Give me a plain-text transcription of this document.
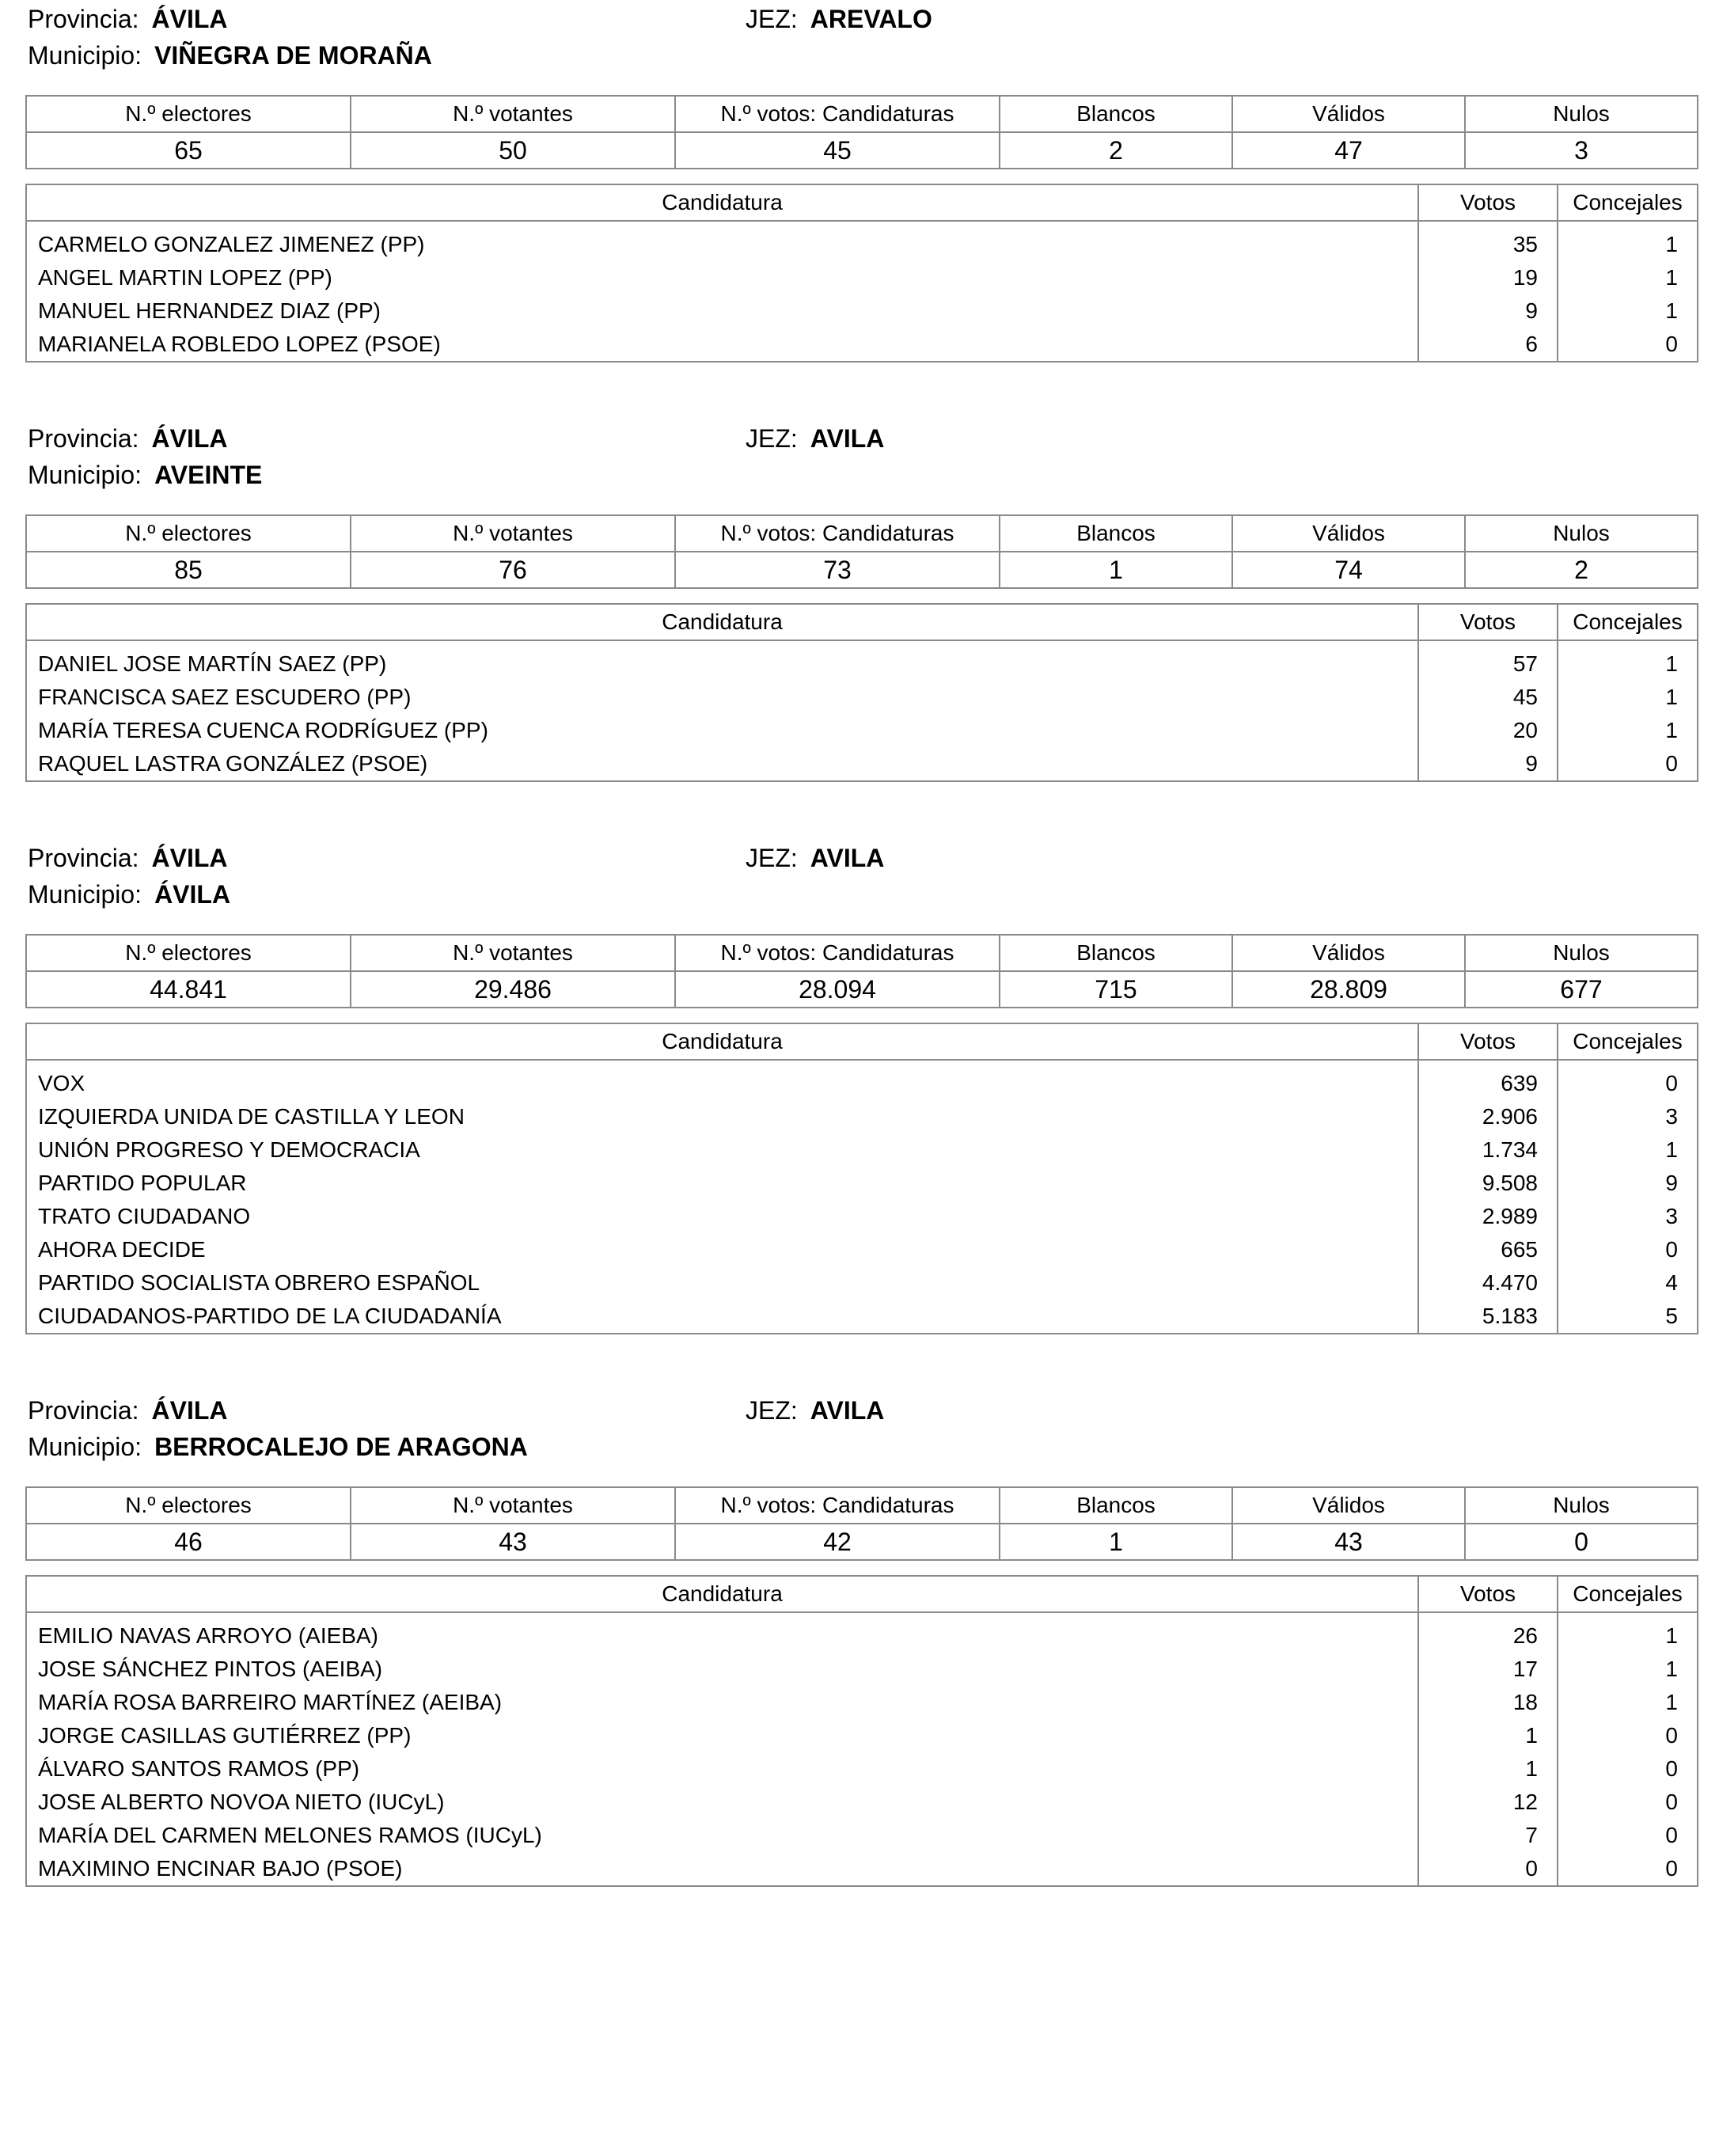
Provincia: ÁVILA	JEZ: AREVALO
Municipio: VIÑEGRA DE MORAÑA
N.º electores	N.º votantes	N.º votos: Candidaturas	Blancos	Válidos	Nulos
65	50	45	2	47	3
Candidatura	Votos	Concejales
CARMELO GONZALEZ JIMENEZ (PP)	35	1
ANGEL MARTIN LOPEZ (PP)	19	1
MANUEL HERNANDEZ DIAZ (PP)	9	1
MARIANELA ROBLEDO LOPEZ (PSOE)	6	0
Provincia: ÁVILA	JEZ: AVILA
Municipio: AVEINTE
N.º electores	N.º votantes	N.º votos: Candidaturas	Blancos	Válidos	Nulos
85	76	73	1	74	2
Candidatura	Votos	Concejales
DANIEL JOSE MARTÍN SAEZ (PP)	57	1
FRANCISCA SAEZ ESCUDERO (PP)	45	1
MARÍA TERESA CUENCA RODRÍGUEZ (PP)	20	1
RAQUEL LASTRA GONZÁLEZ (PSOE)	9	0
Provincia: ÁVILA	JEZ: AVILA
Municipio: ÁVILA
N.º electores	N.º votantes	N.º votos: Candidaturas	Blancos	Válidos	Nulos
44.841	29.486	28.094	715	28.809	677
Candidatura	Votos	Concejales
VOX	639	0
IZQUIERDA UNIDA DE CASTILLA Y LEON	2.906	3
UNIÓN PROGRESO Y DEMOCRACIA	1.734	1
PARTIDO POPULAR	9.508	9
TRATO CIUDADANO	2.989	3
AHORA DECIDE	665	0
PARTIDO SOCIALISTA OBRERO ESPAÑOL	4.470	4
CIUDADANOS-PARTIDO DE LA CIUDADANÍA	5.183	5
Provincia: ÁVILA	JEZ: AVILA
Municipio: BERROCALEJO DE ARAGONA
N.º electores	N.º votantes	N.º votos: Candidaturas	Blancos	Válidos	Nulos
46	43	42	1	43	0
Candidatura	Votos	Concejales
EMILIO NAVAS ARROYO (AIEBA)	26	1
JOSE SÁNCHEZ PINTOS (AEIBA)	17	1
MARÍA ROSA BARREIRO MARTÍNEZ (AEIBA)	18	1
JORGE CASILLAS GUTIÉRREZ (PP)	1	0
ÁLVARO SANTOS RAMOS (PP)	1	0
JOSE ALBERTO NOVOA NIETO (IUCyL)	12	0
MARÍA DEL CARMEN MELONES RAMOS (IUCyL)	7	0
MAXIMINO ENCINAR BAJO (PSOE)	0	0
